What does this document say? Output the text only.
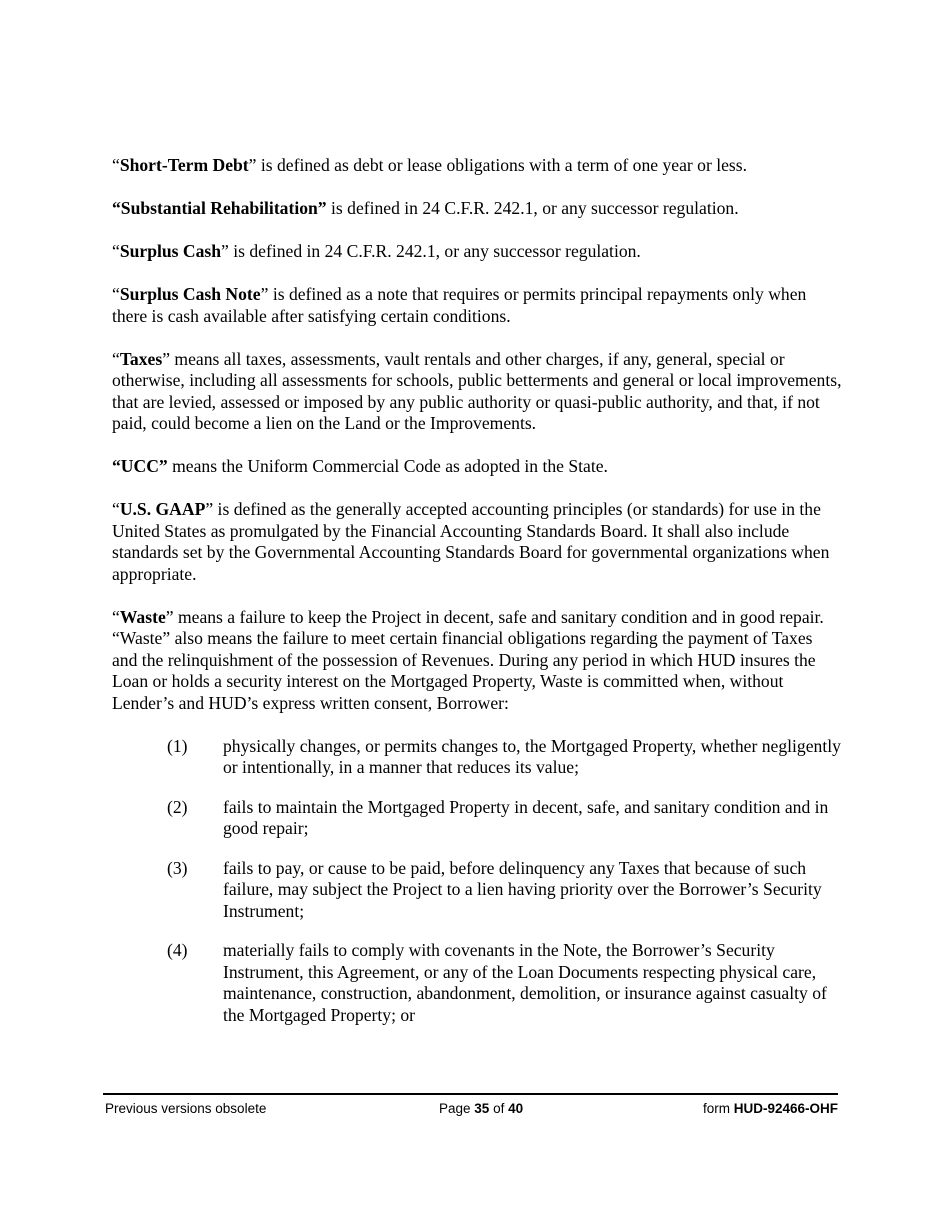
“Short-Term Debt” is defined as debt or lease obligations with a term of one year or less.

“Substantial Rehabilitation” is defined in 24 C.F.R. 242.1, or any successor regulation.

“Surplus Cash” is defined in 24 C.F.R. 242.1, or any successor regulation.

“Surplus Cash Note” is defined as a note that requires or permits principal repayments only when there is cash available after satisfying certain conditions.

“Taxes” means all taxes, assessments, vault rentals and other charges, if any, general, special or otherwise, including all assessments for schools, public betterments and general or local improvements, that are levied, assessed or imposed by any public authority or quasi-public authority, and that, if not paid, could become a lien on the Land or the Improvements.

“UCC” means the Uniform Commercial Code as adopted in the State.

“U.S. GAAP” is defined as the generally accepted accounting principles (or standards) for use in the United States as promulgated by the Financial Accounting Standards Board. It shall also include standards set by the Governmental Accounting Standards Board for governmental organizations when appropriate.

“Waste” means a failure to keep the Project in decent, safe and sanitary condition and in good repair. “Waste” also means the failure to meet certain financial obligations regarding the payment of Taxes and the relinquishment of the possession of Revenues. During any period in which HUD insures the Loan or holds a security interest on the Mortgaged Property, Waste is committed when, without Lender’s and HUD’s express written consent, Borrower:

(1)	physically changes, or permits changes to, the Mortgaged Property, whether negligently or intentionally, in a manner that reduces its value;
(2)	fails to maintain the Mortgaged Property in decent, safe, and sanitary condition and in good repair;
(3)	fails to pay, or cause to be paid, before delinquency any Taxes that because of such failure, may subject the Project to a lien having priority over the Borrower’s Security Instrument;
(4)	materially fails to comply with covenants in the Note, the Borrower’s Security Instrument, this Agreement, or any of the Loan Documents respecting physical care, maintenance, construction, abandonment, demolition, or insurance against casualty of the Mortgaged Property; or
Previous versions obsolete	Page 35 of 40	form HUD-92466-OHF
